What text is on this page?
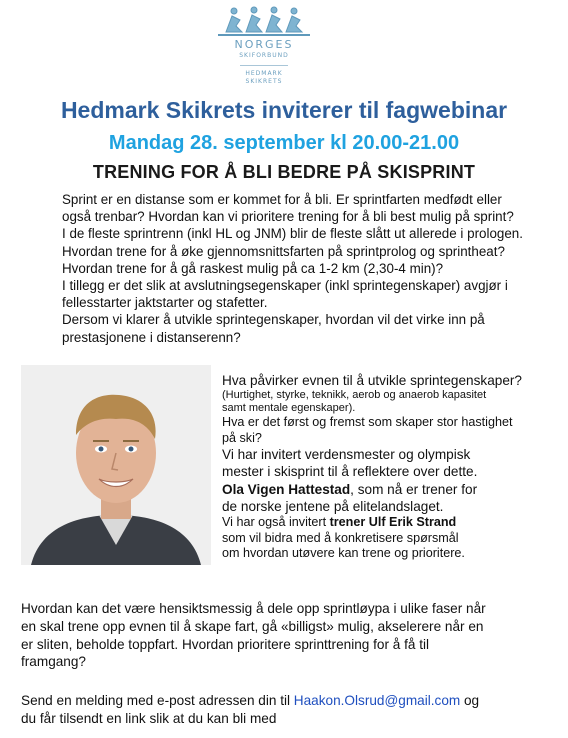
NORGES
SKIFORBUND
HEDMARK
SKIKRETS
Hedmark Skikrets inviterer til fagwebinar
Mandag 28. september kl 20.00-21.00
TRENING FOR Å BLI BEDRE PÅ SKISPRINT

Sprint er en distanse som er kommet for å bli. Er sprintfarten medfødt eller

også trenbar? Hvordan kan vi prioritere trening for å bli best mulig på sprint?

I de fleste sprintrenn (inkl HL og JNM) blir de fleste slått ut allerede i prologen.

Hvordan trene for å øke gjennomsnittsfarten på sprintprolog og sprintheat?

Hvordan trene for å gå raskest mulig på ca 1-2 km (2,30-4 min)?

I tillegg er det slik at avslutningsegenskaper (inkl sprintegenskaper) avgjør i

fellesstarter jaktstarter og stafetter.

Dersom vi klarer å utvikle sprintegenskaper, hvordan vil det virke inn på

prestasjonene i distanserenn?

Hva påvirker evnen til å utvikle sprintegenskaper?

(Hurtighet, styrke, teknikk, aerob og anaerob kapasitet

samt mentale egenskaper).

Hva er det først og fremst som skaper stor hastighet

på ski?

Vi har invitert verdensmester og olympisk

mester i skisprint til å reflektere over dette.

Ola Vigen Hattestad, som nå er trener for

de norske jentene på elitelandslaget.

Vi har også invitert trener Ulf Erik Strand

som vil bidra med å konkretisere spørsmål

om hvordan utøvere kan trene og prioritere.

Hvordan kan det være hensiktsmessig å dele opp sprintløypa i ulike faser når

en skal trene opp evnen til å skape fart, gå «billigst» mulig, akselerere når en

er sliten, beholde toppfart. Hvordan prioritere sprinttrening for å få til

framgang?

Send en melding med e-post adressen din til Haakon.Olsrud@gmail.com og

du får tilsendt en link slik at du kan bli med
